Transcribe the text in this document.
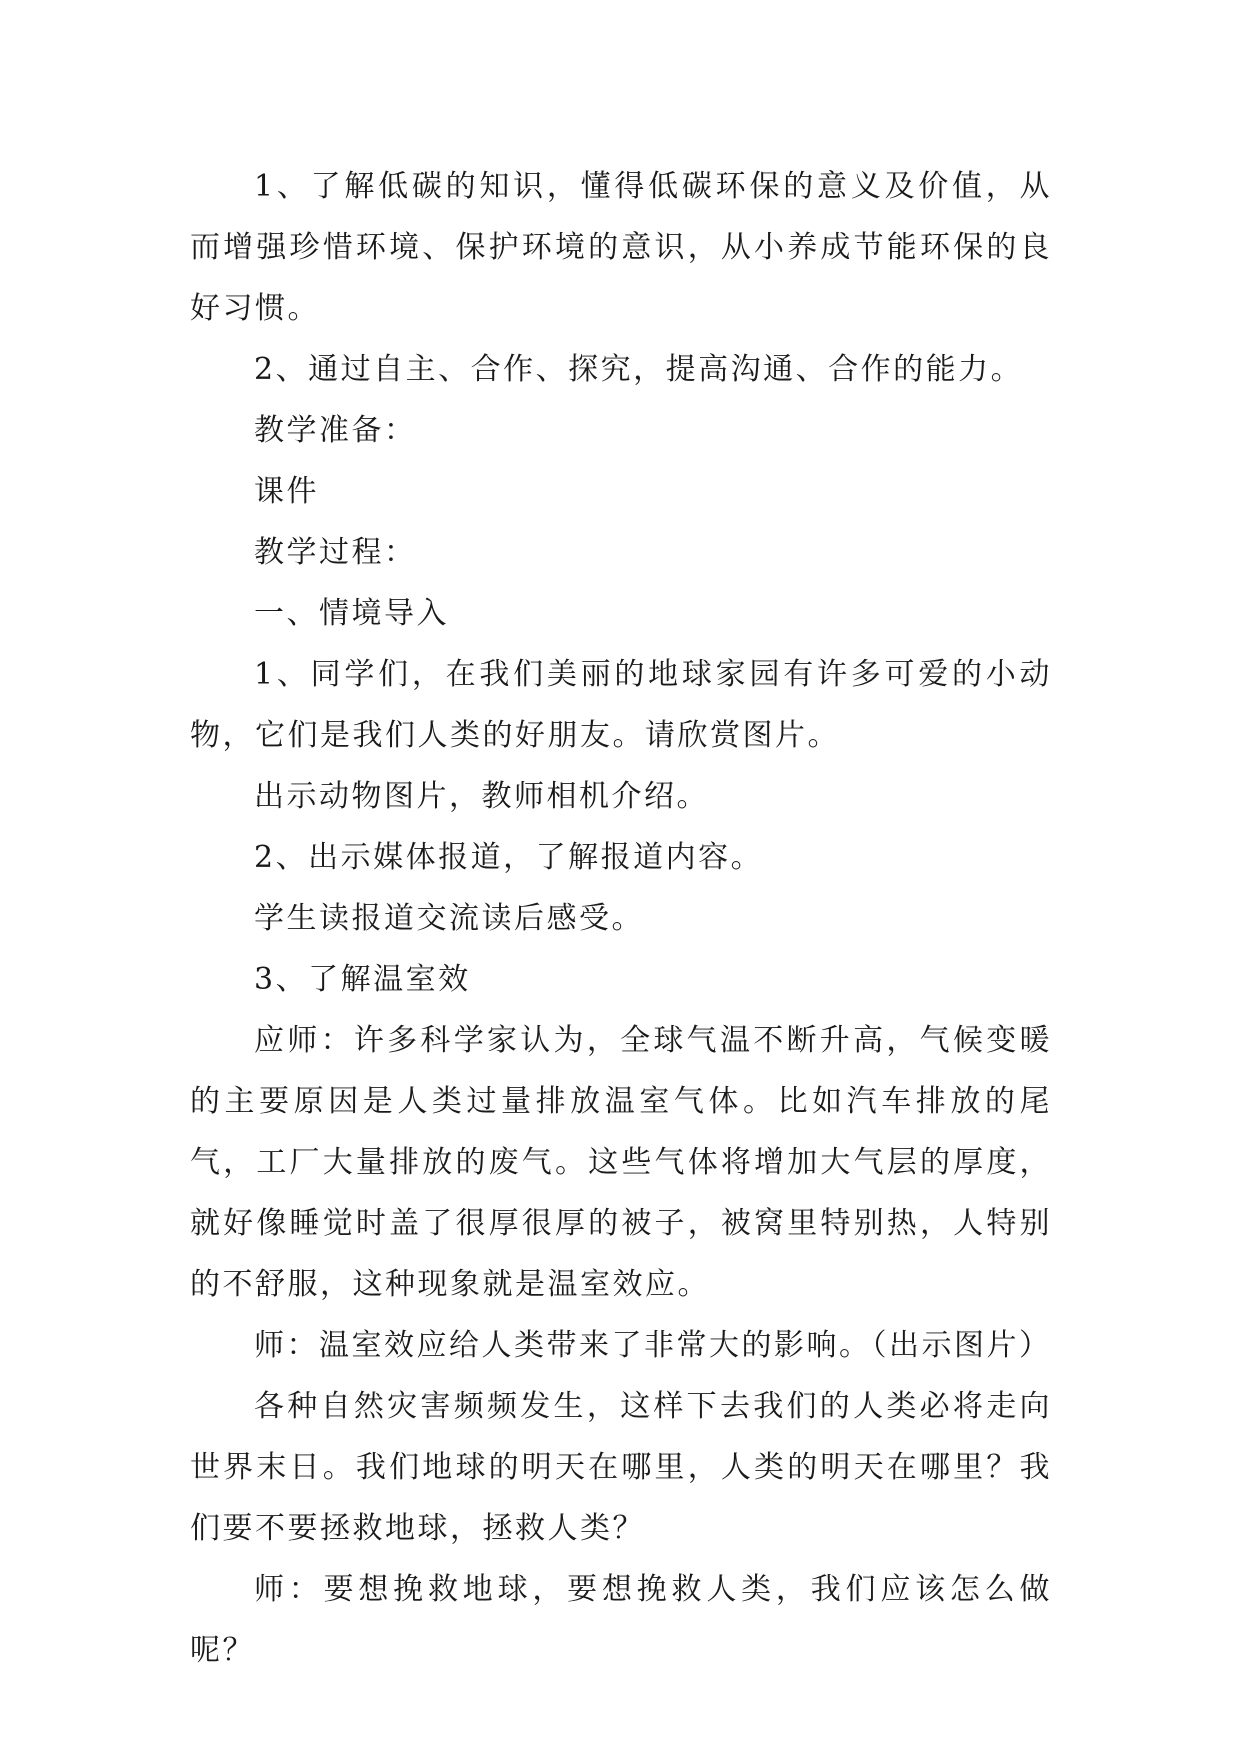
1、了解低碳的知识，懂得低碳环保的意义及价值，从而增强珍惜环境、保护环境的意识，从小养成节能环保的良好习惯。

2、通过自主、合作、探究，提高沟通、合作的能力。

教学准备：

课件

教学过程：

一、情境导入

1、同学们，在我们美丽的地球家园有许多可爱的小动物，它们是我们人类的好朋友。请欣赏图片。

出示动物图片，教师相机介绍。

2、出示媒体报道，了解报道内容。

学生读报道交流读后感受。

3、了解温室效

应师：许多科学家认为，全球气温不断升高，气候变暖的主要原因是人类过量排放温室气体。比如汽车排放的尾气，工厂大量排放的废气。这些气体将增加大气层的厚度，就好像睡觉时盖了很厚很厚的被子，被窝里特别热，人特别的不舒服，这种现象就是温室效应。

师：温室效应给人类带来了非常大的影响。（出示图片）

各种自然灾害频频发生，这样下去我们的人类必将走向世界末日。我们地球的明天在哪里，人类的明天在哪里？我们要不要拯救地球，拯救人类？

师：要想挽救地球，要想挽救人类，我们应该怎么做呢？
